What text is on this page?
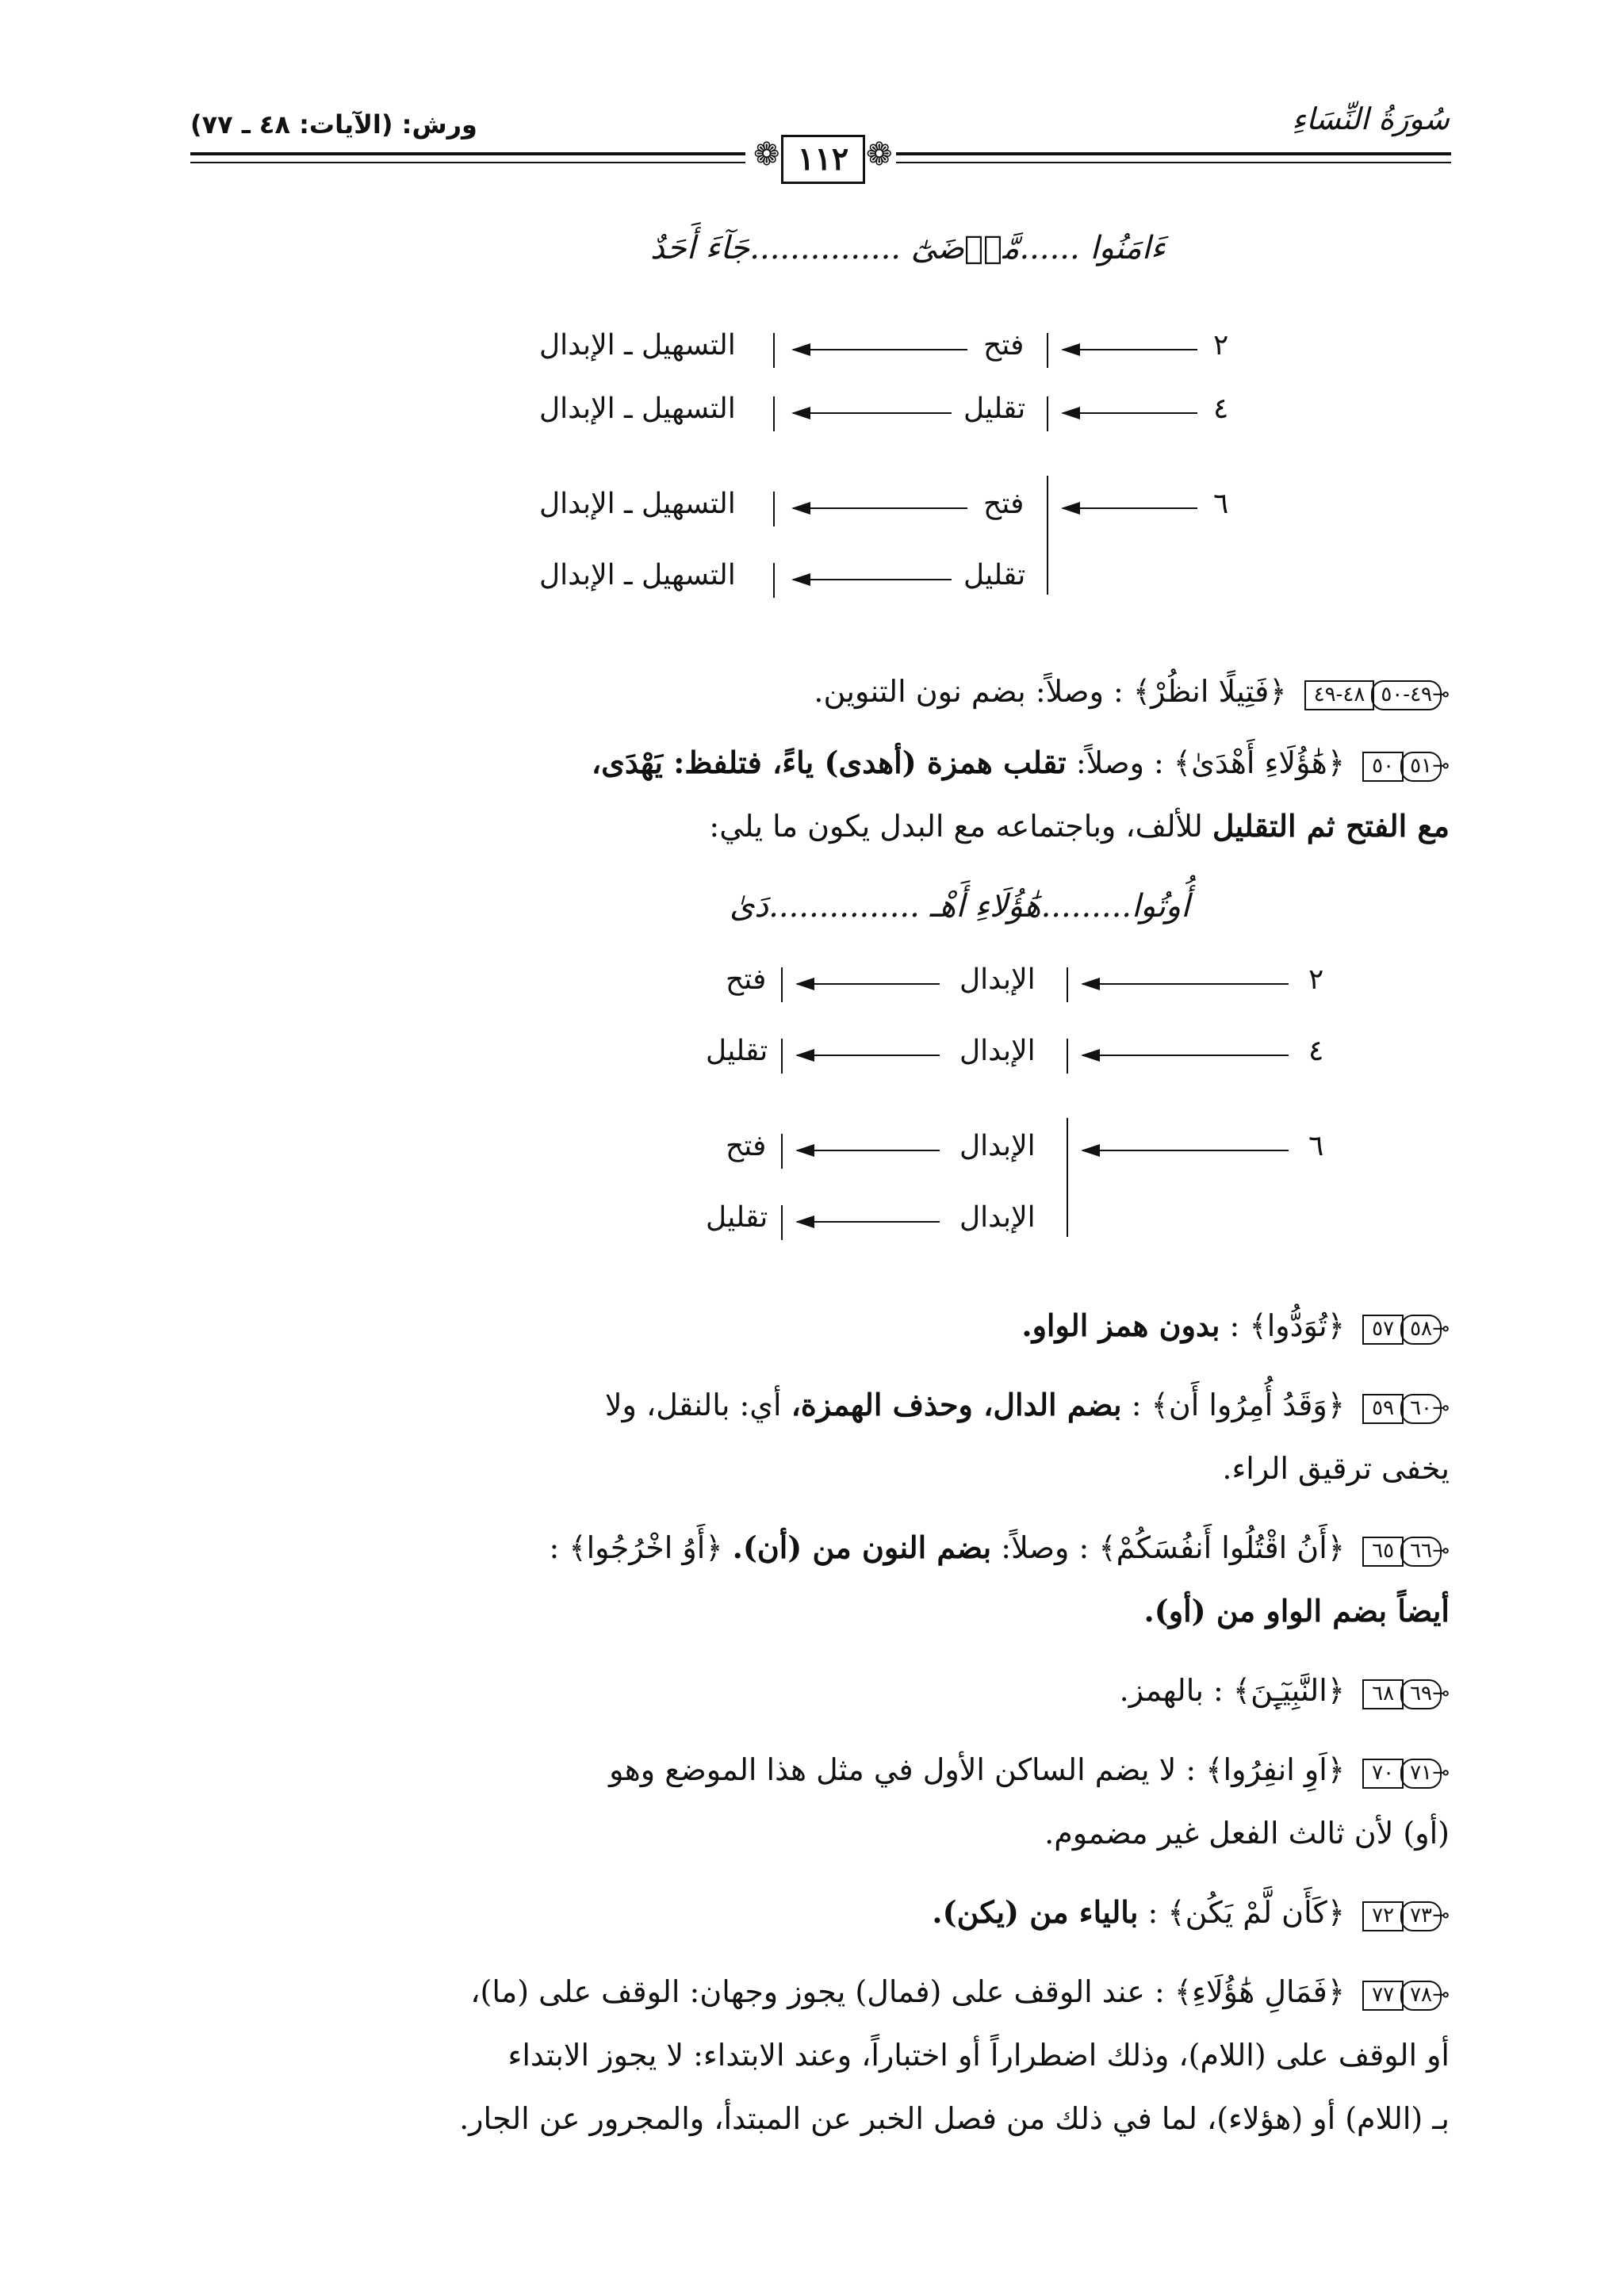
ورش: (الآيات: ٤٨ ـ ٧٧)	سُورَةُ النِّسَاءِ
❁	❁
١١٢
ءَامَنُوا ......مَّرۡضَىٰٓ ...............جَآءَ أَحَدٌ
٢
فتح
التسهيل ـ الإبدال
٤
تقليل
التسهيل ـ الإبدال
٦
فتح
التسهيل ـ الإبدال
تقليل
التسهيل ـ الإبدال
⊸٤٩-٥٠٤٨-٤٩ ﴿فَتِيلًا انظُرْ﴾ : وصلاً: بضم نون التنوين.
⊸٥١٥٠ ﴿هَٰؤُلَاءِ أَهْدَىٰ﴾ : وصلاً: تقلب همزة (أهدى) ياءً، فتلفظ: يَهْدَى،
مع الفتح ثم التقليل للألف، وباجتماعه مع البدل يكون ما يلي:
أُوتُوا.........هَٰؤُلَاءِ أَهْـ ...............دَىٰ
٢
الإبدال
فتح
٤
الإبدال
تقليل
٦
الإبدال
فتح
الإبدال
تقليل
⊸٥٨٥٧ ﴿تُوَدُّوا﴾ : بدون همز الواو.
⊸٦٠٥٩ ﴿وَقَدُ أُمِرُوا أَن﴾ : بضم الدال، وحذف الهمزة، أي: بالنقل، ولا
يخفى ترقيق الراء.
⊸٦٦٦٥ ﴿أَنُ اقْتُلُوا أَنفُسَكُمْ﴾ : وصلاً: بضم النون من (أن). ﴿أَوُ اخْرُجُوا﴾ :
أيضاً بضم الواو من (أو).
⊸٦٩٦٨ ﴿النَّبِيٓـِٕنَ﴾ : بالهمز.
⊸٧١٧٠ ﴿اَوِ انفِرُوا﴾ : لا يضم الساكن الأول في مثل هذا الموضع وهو
(أو) لأن ثالث الفعل غير مضموم.
⊸٧٣٧٢ ﴿كَأَن لَّمْ يَكُن﴾ : بالياء من (يكن).
⊸٧٨٧٧ ﴿فَمَالِ هَٰؤُلَاءِ﴾ : عند الوقف على (فمال) يجوز وجهان: الوقف على (ما)،
أو الوقف على (اللام)، وذلك اضطراراً أو اختباراً، وعند الابتداء: لا يجوز الابتداء
بـ (اللام) أو (هؤلاء)، لما في ذلك من فصل الخبر عن المبتدأ، والمجرور عن الجار.
